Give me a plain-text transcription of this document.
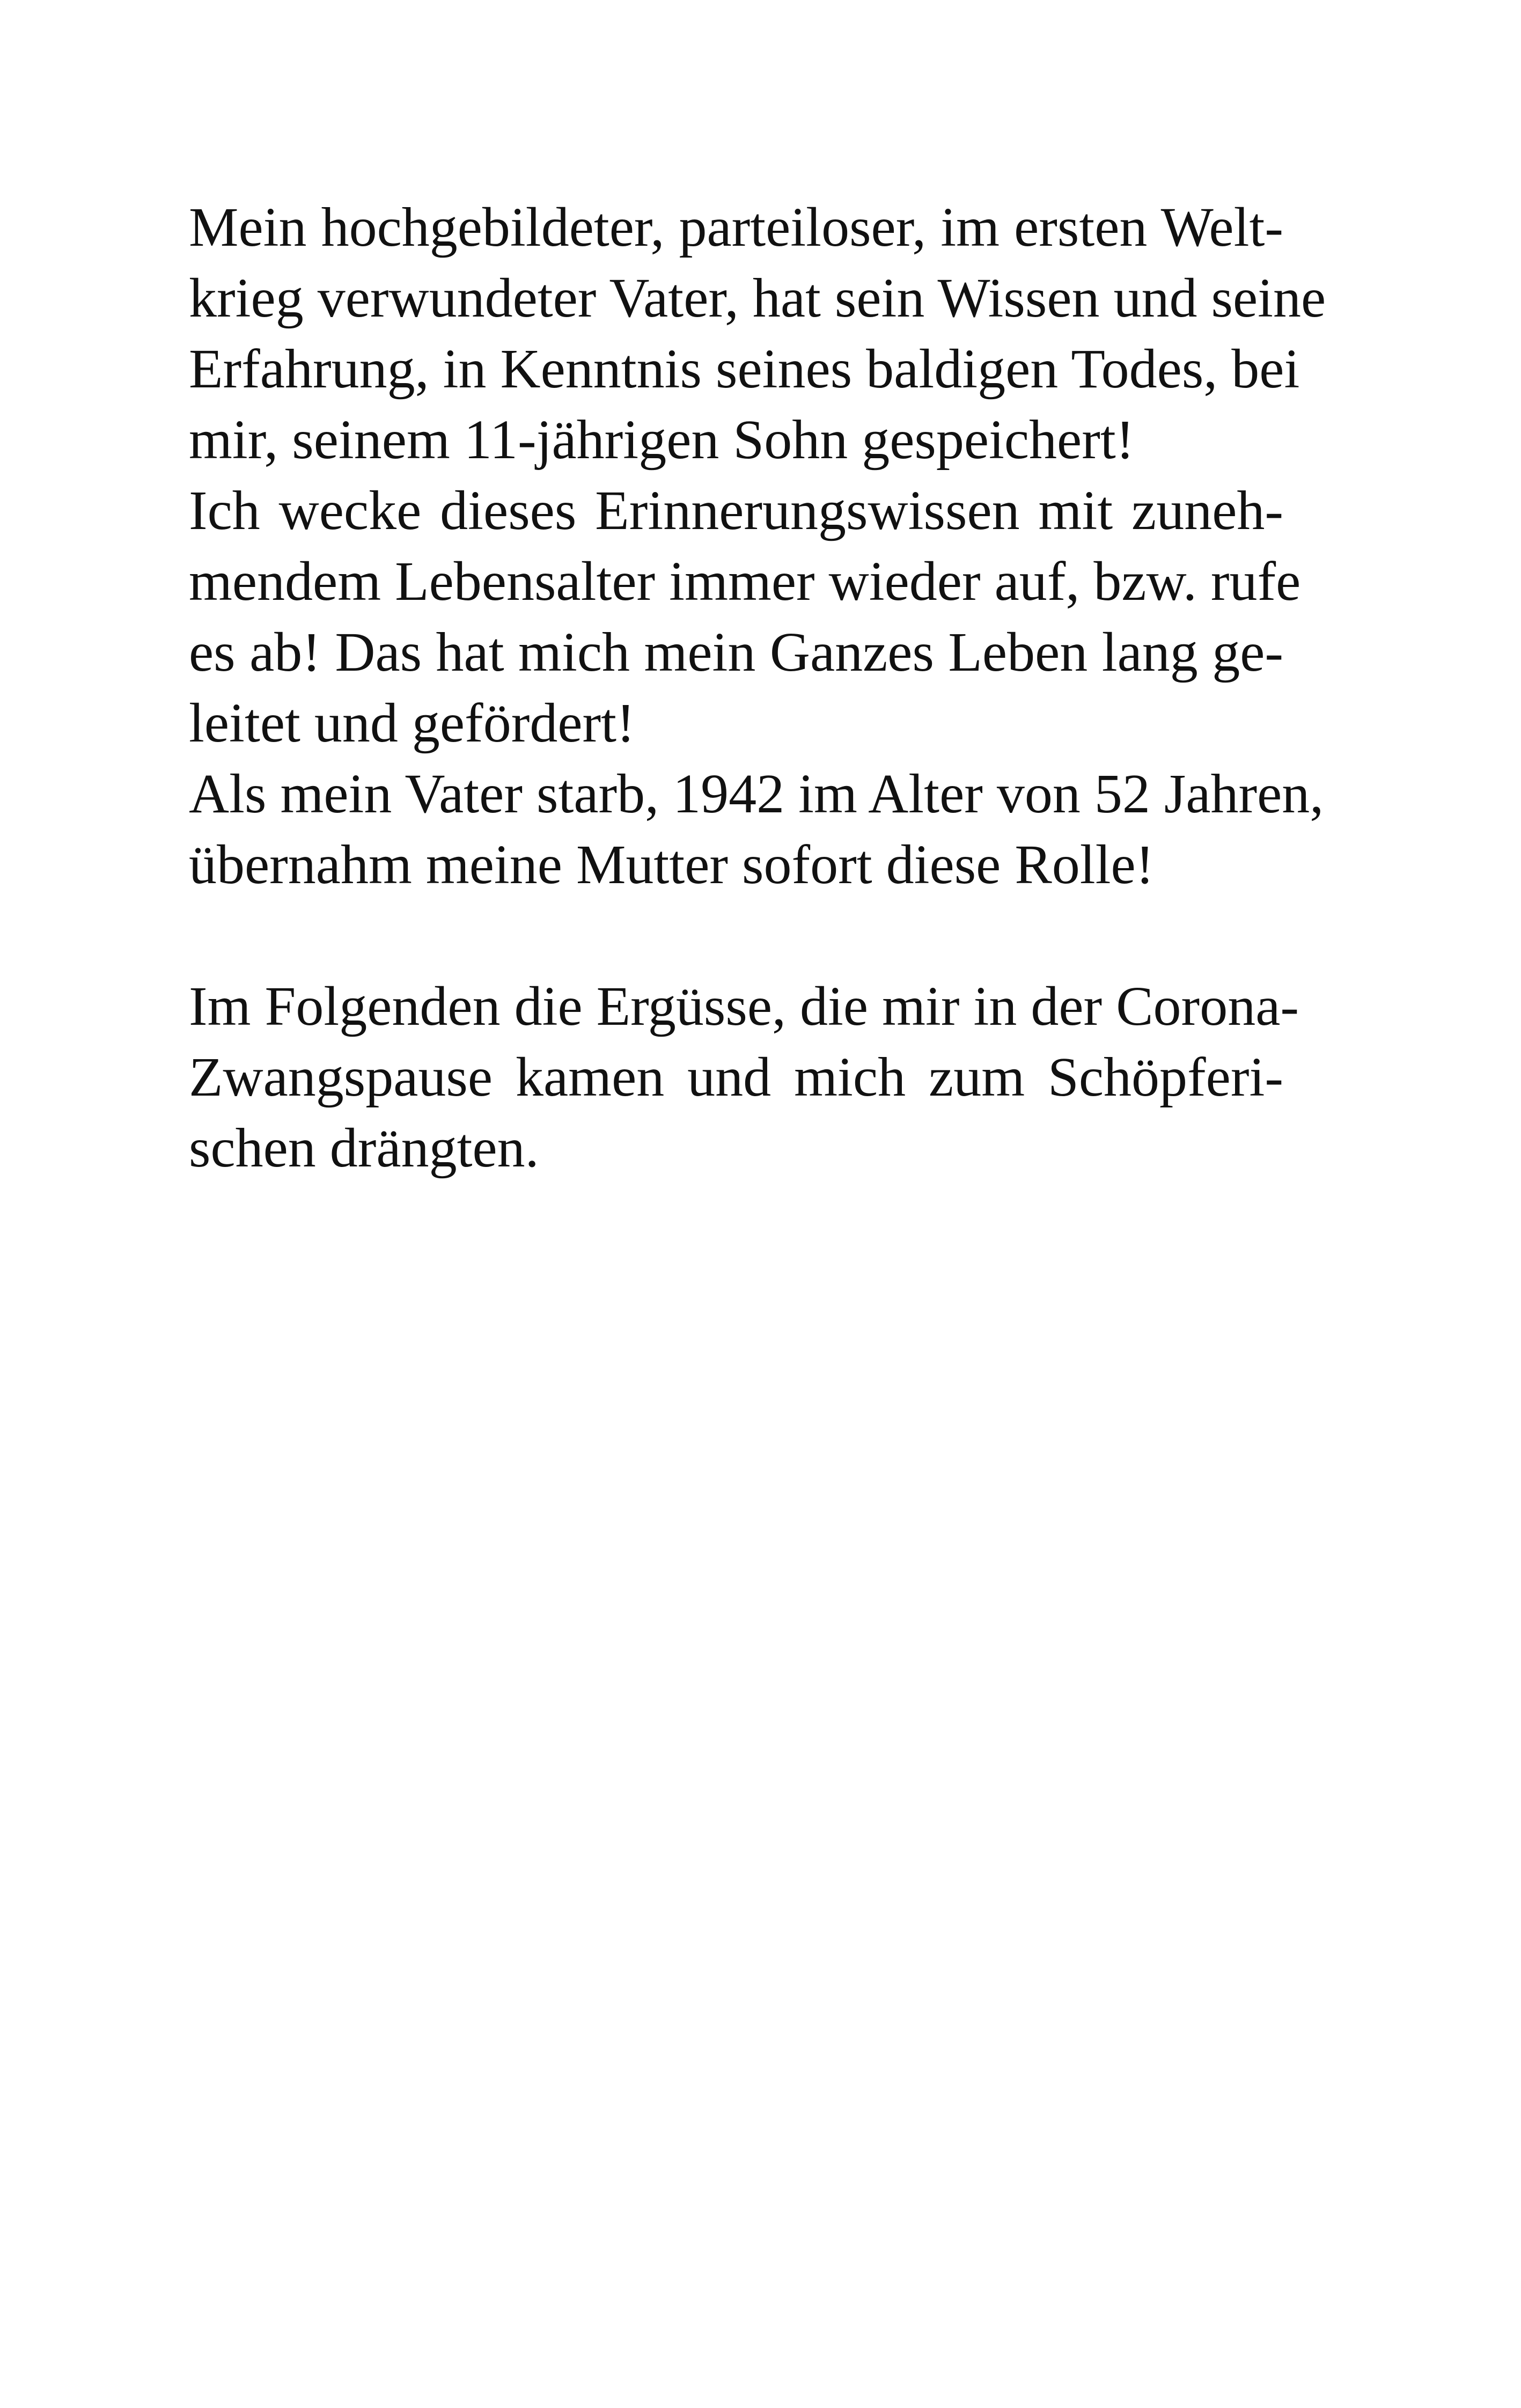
Mein hochgebildeter, parteiloser, im ersten Welt-
krieg verwundeter Vater, hat sein Wissen und seine
Erfahrung, in Kenntnis seines baldigen Todes, bei
mir, seinem 11-jährigen Sohn gespeichert!
Ich wecke dieses Erinnerungswissen mit zuneh-
mendem Lebensalter immer wieder auf, bzw. rufe
es ab! Das hat mich mein Ganzes Leben lang ge-
leitet und gefördert!
Als mein Vater starb, 1942 im Alter von 52 Jahren,
übernahm meine Mutter sofort diese Rolle!
Im Folgenden die Ergüsse, die mir in der Corona-
Zwangspause kamen und mich zum Schöpferi-
schen drängten.
